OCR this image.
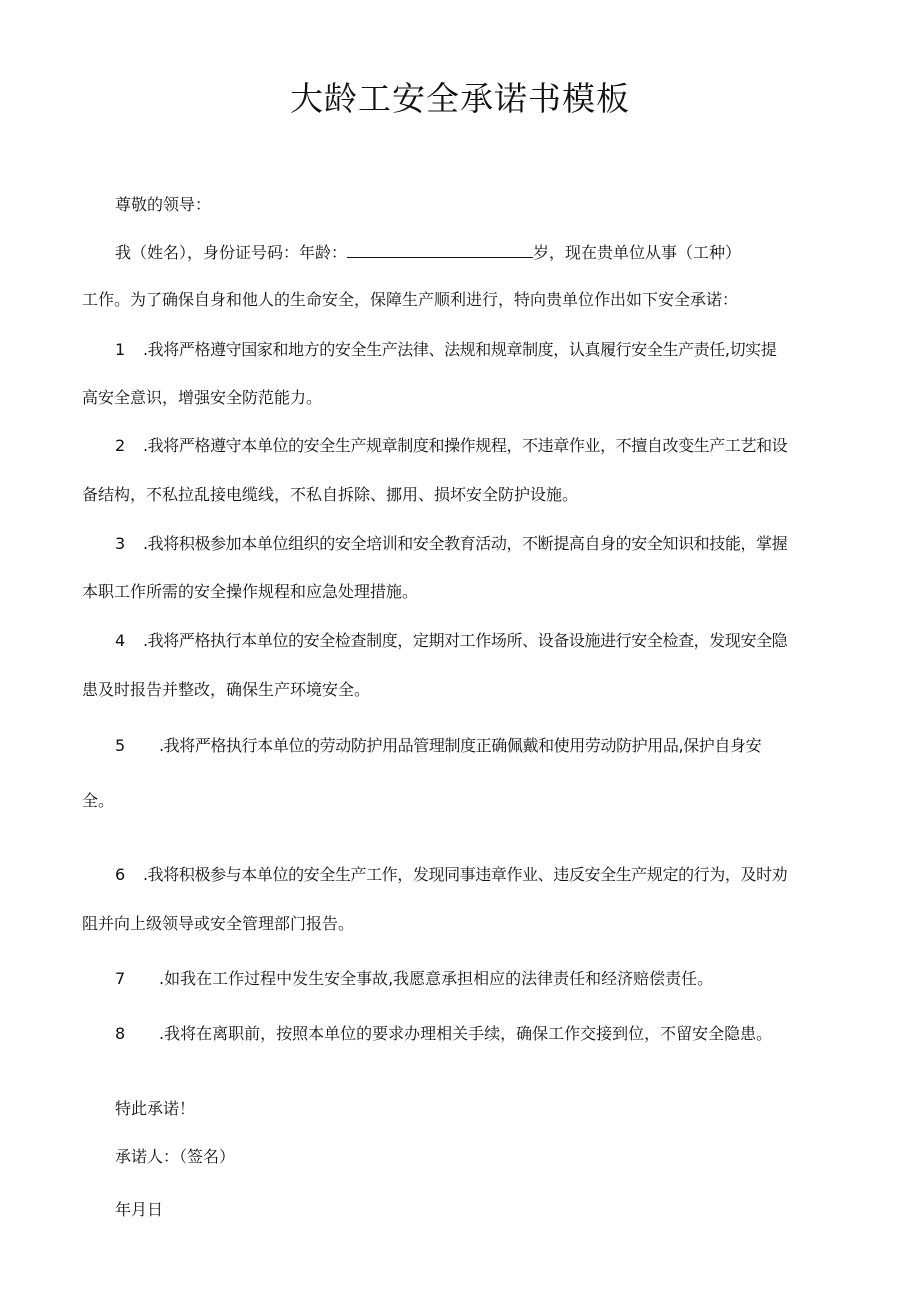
大龄工安全承诺书模板

尊敬的领导：

我（姓名），身份证号码：年龄：	岁，现在贵单位从事（工种）

工作。为了确保自身和他人的生命安全，保障生产顺利进行，特向贵单位作出如下安全承诺：

1 .我将严格遵守国家和地方的安全生产法律、法规和规章制度，认真履行安全生产责任,切实提

高安全意识，增强安全防范能力。

2 .我将严格遵守本单位的安全生产规章制度和操作规程，不违章作业，不擅自改变生产工艺和设

备结构，不私拉乱接电缆线，不私自拆除、挪用、损坏安全防护设施。

3 .我将积极参加本单位组织的安全培训和安全教育活动，不断提高自身的安全知识和技能，掌握

本职工作所需的安全操作规程和应急处理措施。

4 .我将严格执行本单位的安全检查制度，定期对工作场所、设备设施进行安全检查，发现安全隐

患及时报告并整改，确保生产环境安全。

5 .我将严格执行本单位的劳动防护用品管理制度正确佩戴和使用劳动防护用品,保护自身安

全。

6 .我将积极参与本单位的安全生产工作，发现同事违章作业、违反安全生产规定的行为，及时劝

阻并向上级领导或安全管理部门报告。

7 .如我在工作过程中发生安全事故,我愿意承担相应的法律责任和经济赔偿责任。

8 .我将在离职前，按照本单位的要求办理相关手续，确保工作交接到位，不留安全隐患。

特此承诺！

承诺人：（签名）

年月日
